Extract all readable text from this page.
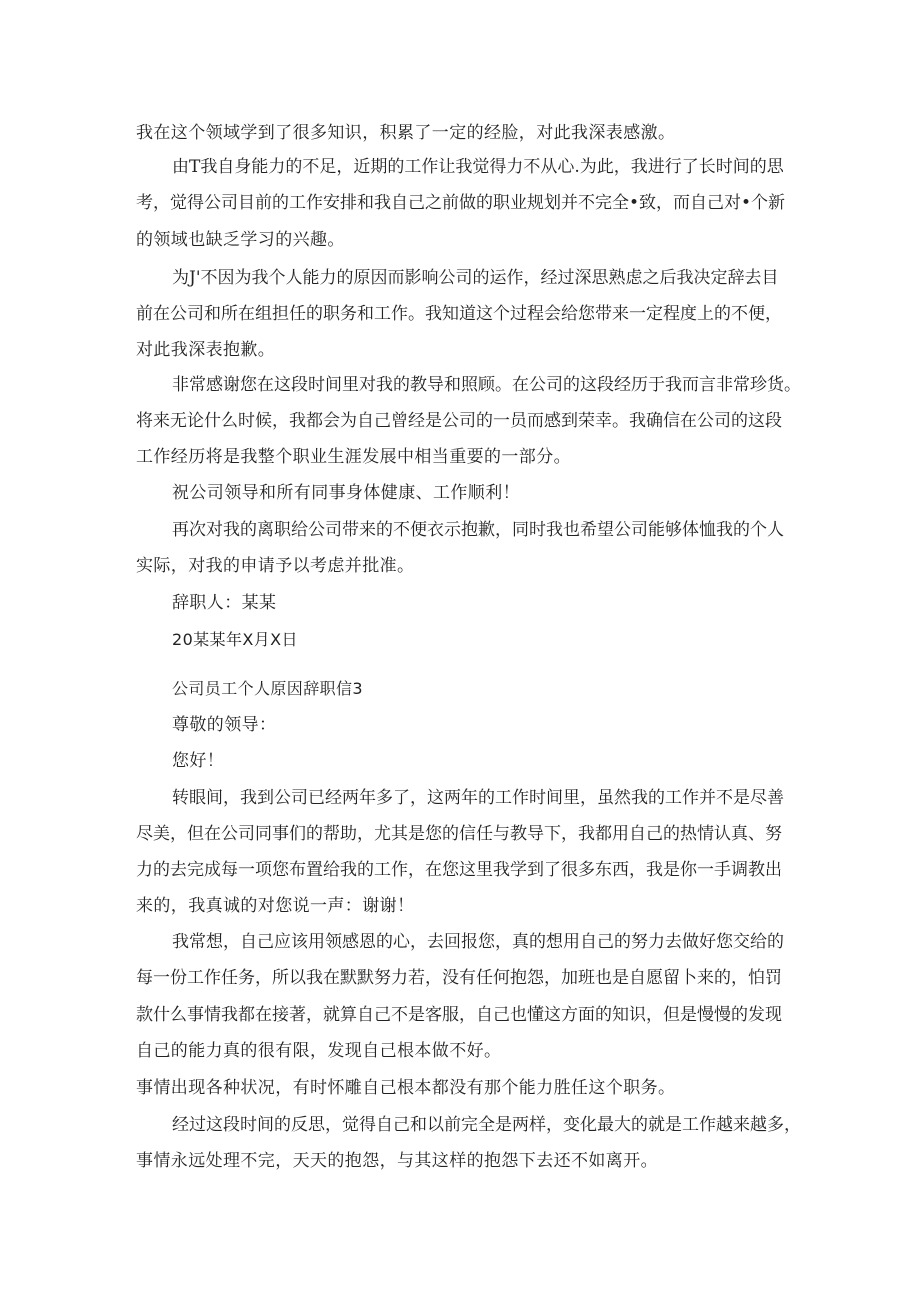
我在这个领域学到了很多知识，积累了一定的经脸，对此我深表感激。
由T我自身能力的不足，近期的工作让我觉得力不从心.为此，我进行了长时间的思
考，觉得公司目前的工作安排和我自己之前做的职业规划并不完全•致，而自己对•个新
的领域也缺乏学习的兴趣。
为J'不因为我个人能力的原因而影响公司的运作，经过深思熟虑之后我决定辞去目
前在公司和所在组担任的职务和工作。我知道这个过程会给您带来一定程度上的不便，
对此我深表抱歉。
非常感谢您在这段时间里对我的教导和照顾。在公司的这段经历于我而言非常珍货。
将来无论什么时候，我都会为自己曾经是公司的一员而感到荣幸。我确信在公司的这段
工作经历将是我整个职业生涯发展中相当重要的一部分。
祝公司领导和所有同事身体健康、工作顺利！
再次对我的离职给公司带来的不便衣示抱歉，同时我也希望公司能够体恤我的个人
实际，对我的申请予以考虑并批准。
辞职人：某某
20某某年X月X日
公司员工个人原因辞职信3
尊敬的领导：
您好！
转眼间，我到公司已经两年多了，这两年的工作时间里，虽然我的工作并不是尽善
尽美，但在公司同事们的帮助，尤其是您的信任与教导下，我都用自己的热情认真、努
力的去完成每一项您布置给我的工作，在您这里我学到了很多东西，我是你一手调教出
来的，我真诚的对您说一声：谢谢！
我常想，自己应该用领感恩的心，去回报您，真的想用自己的努力去做好您交给的
每一份工作任务，所以我在默默努力若，没有任何抱怨，加班也是自愿留卜来的，怕罚
款什么事情我都在接著，就算自己不是客服，自己也懂这方面的知识，但是慢慢的发现
自己的能力真的很有限，发现自己根本做不好。
事情出现各种状况，有时怀雕自己根本都没有那个能力胜任这个职务。
经过这段时间的反思，觉得自己和以前完全是两样，变化最大的就是工作越来越多，
事情永远处理不完，天天的抱怨，与其这样的抱怨下去还不如离开。
